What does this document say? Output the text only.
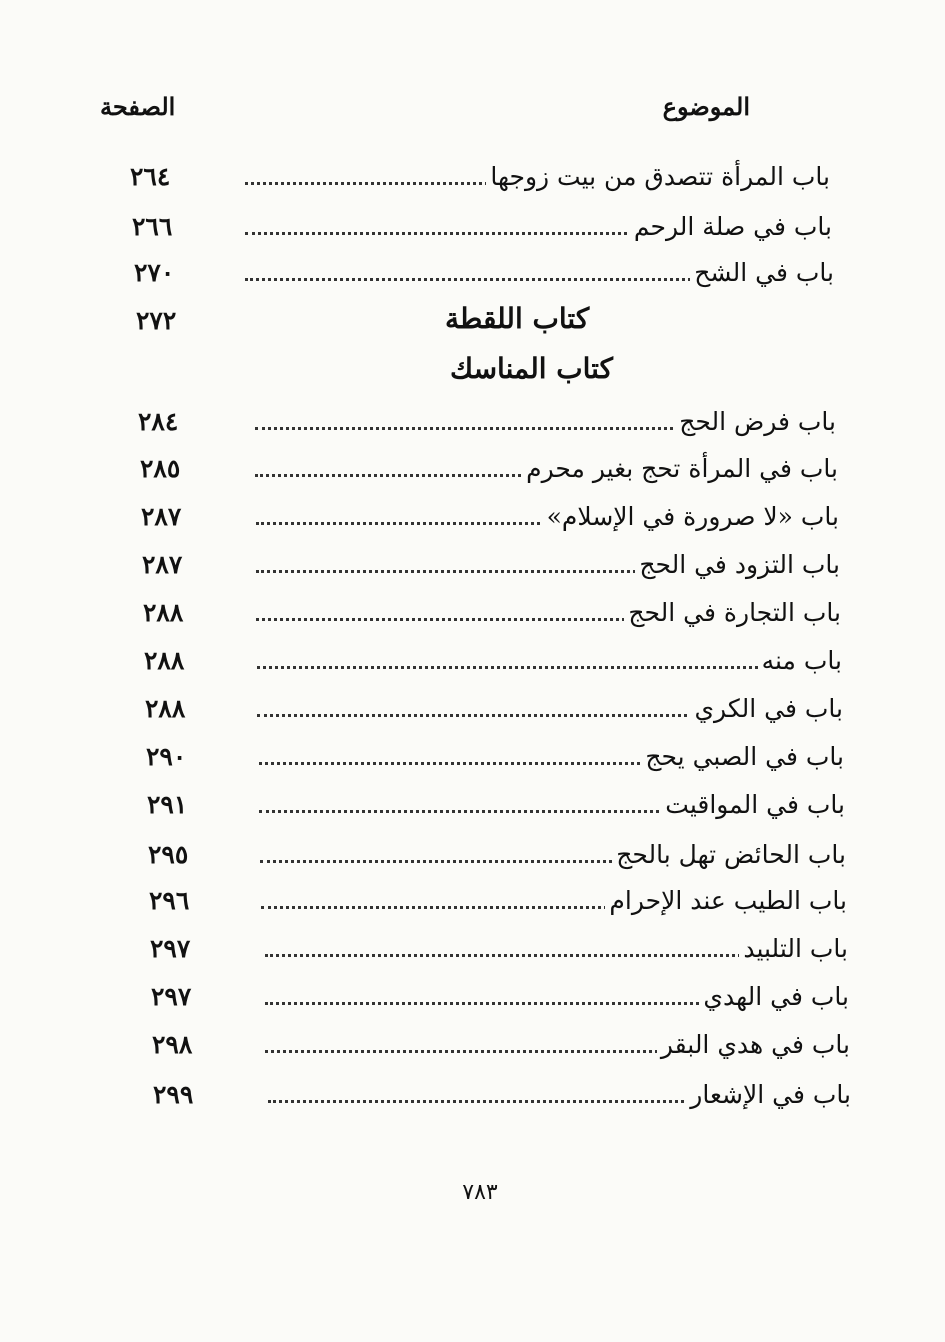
الموضوع
الصفحة
باب المرأة تتصدق من بيت زوجها
٢٦٤
باب في صلة الرحم
٢٦٦
باب في الشح
٢٧٠
كتاب اللقطة
٢٧٢
كتاب المناسك
باب فرض الحج
٢٨٤
باب في المرأة تحج بغير محرم
٢٨٥
باب «لا صرورة في الإسلام»
٢٨٧
باب التزود في الحج
٢٨٧
باب التجارة في الحج
٢٨٨
باب منه
٢٨٨
باب في الكري
٢٨٨
باب في الصبي يحج
٢٩٠
باب في المواقيت
٢٩١
باب الحائض تهل بالحج
٢٩٥
باب الطيب عند الإحرام
٢٩٦
باب التلبيد
٢٩٧
باب في الهدي
٢٩٧
باب في هدي البقر
٢٩٨
باب في الإشعار
٢٩٩
٧٨٣
